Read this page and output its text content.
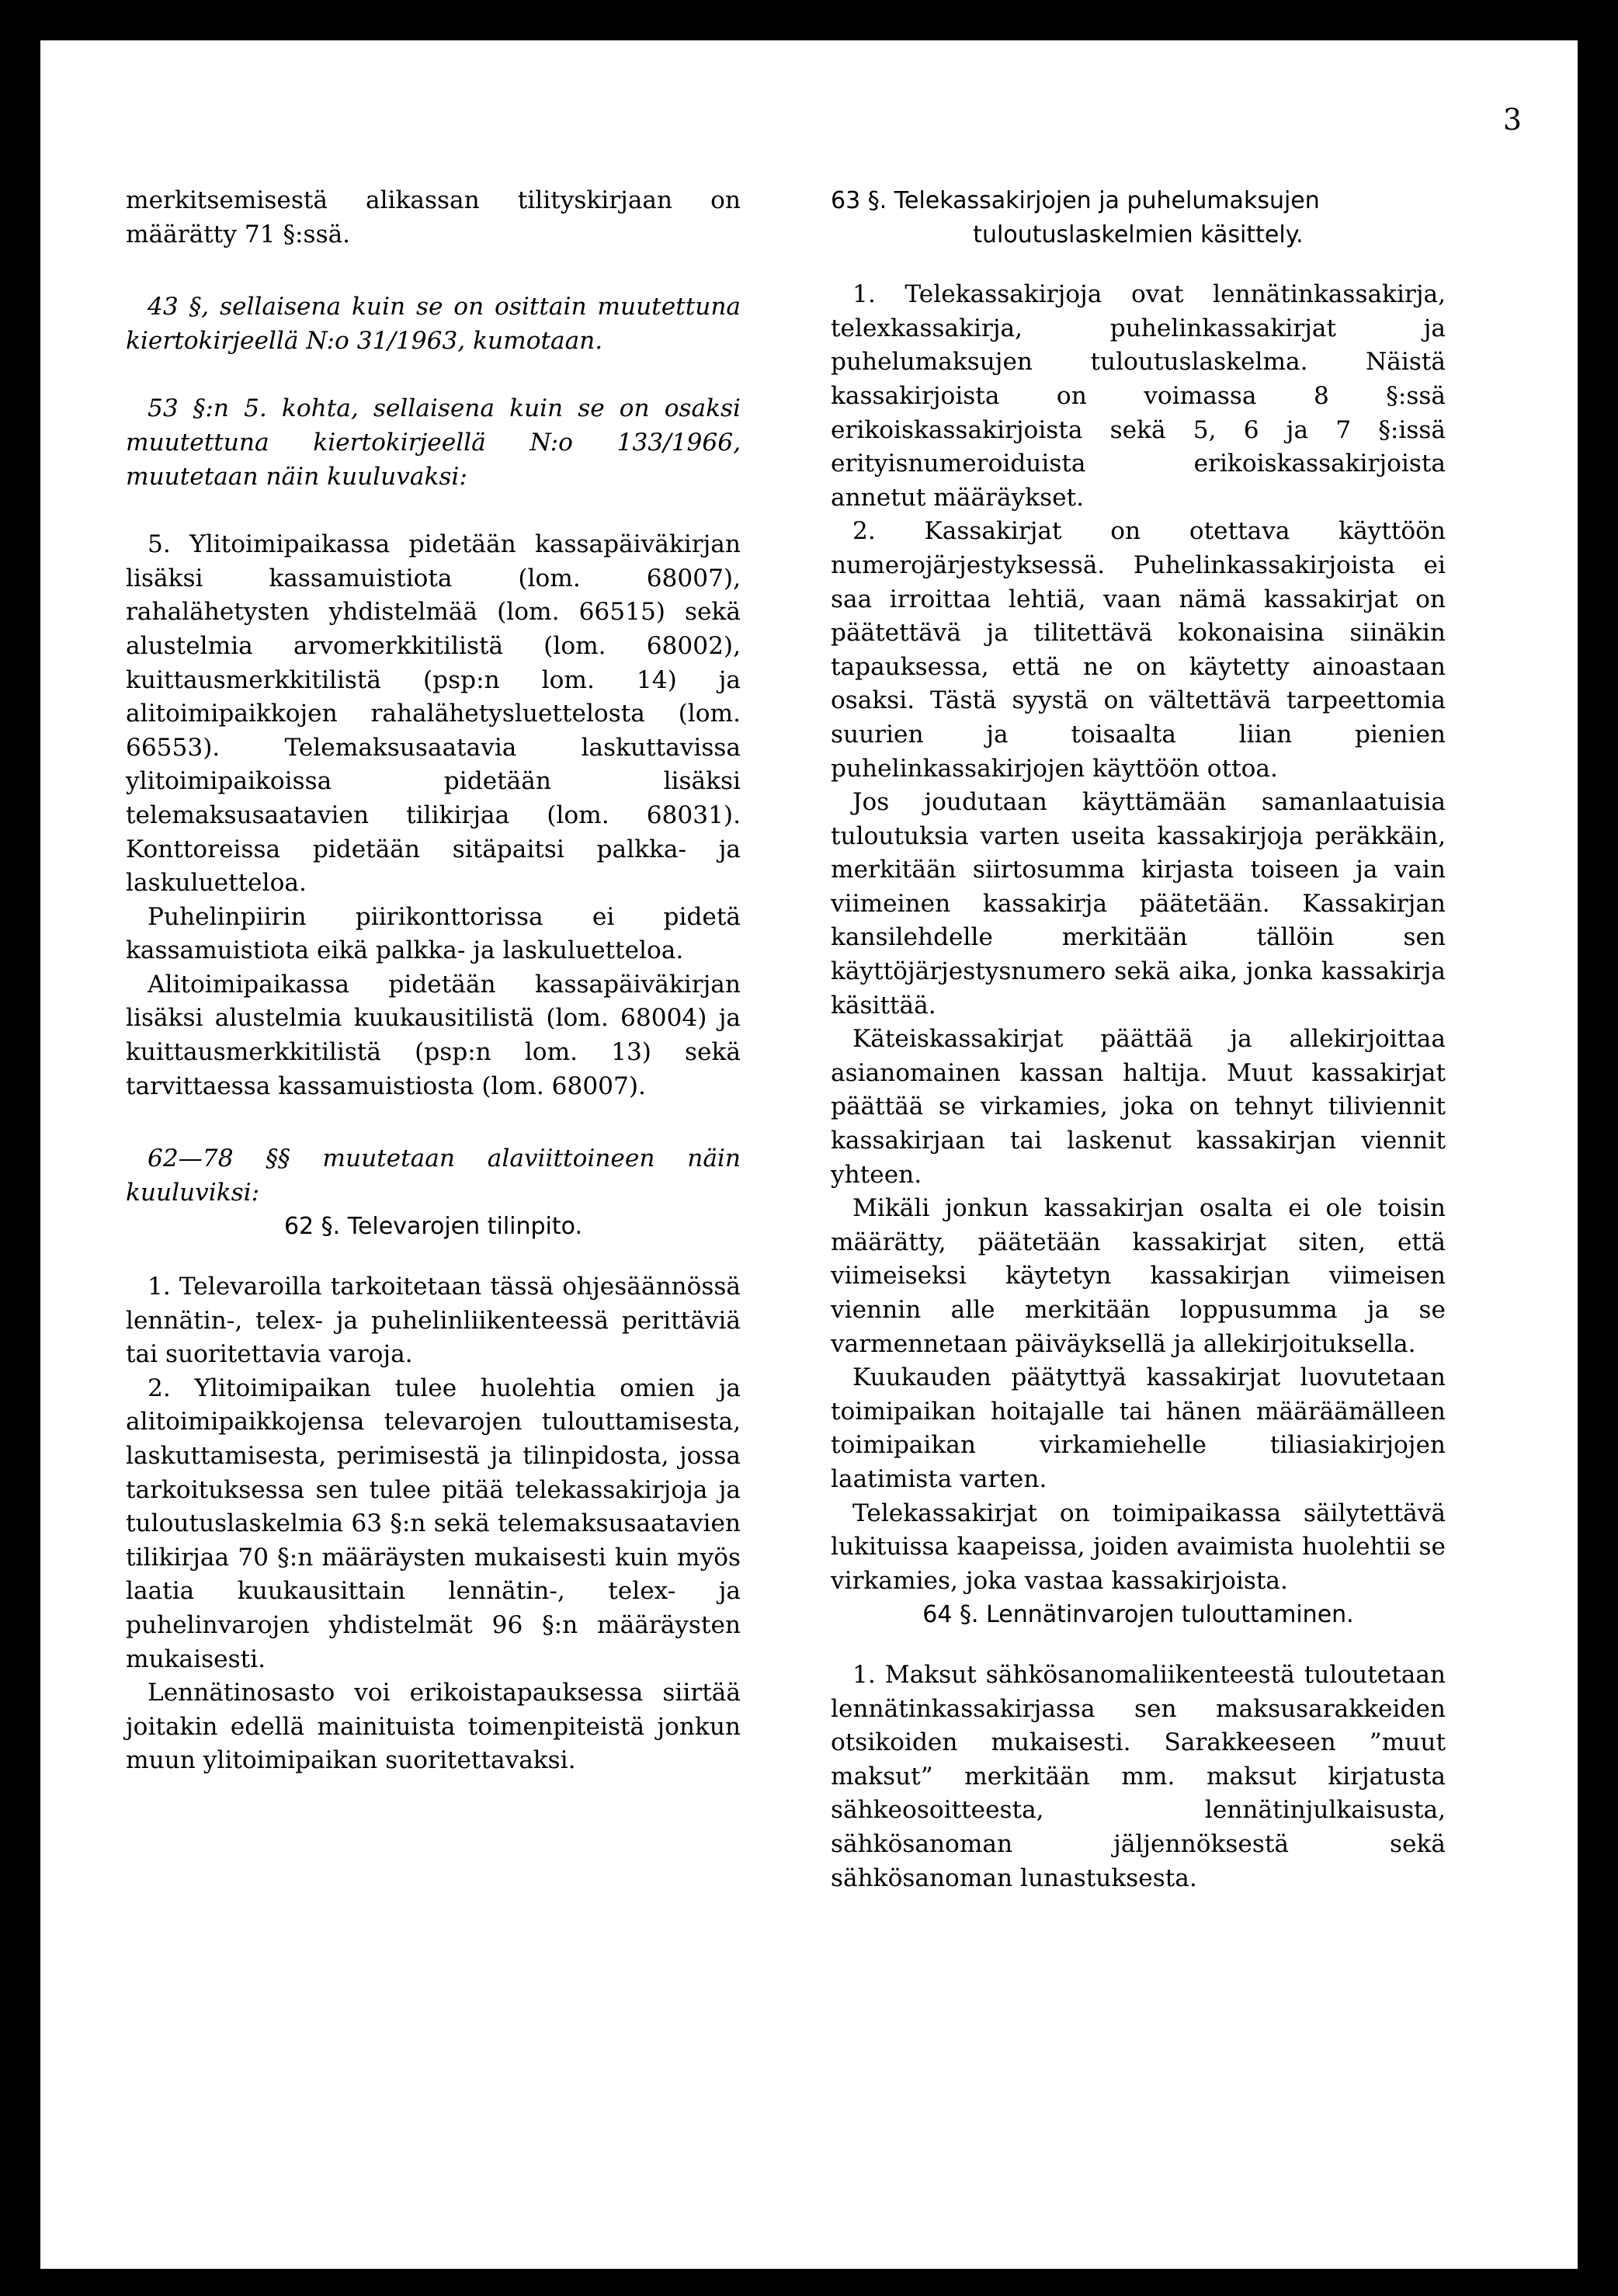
3

merkitsemisestä alikassan tilityskirjaan on määrätty 71 §:ssä.

43 §, sellaisena kuin se on osittain muutettuna kiertokirjeellä N:o 31/1963, kumotaan.

53 §:n 5. kohta, sellaisena kuin se on osaksi muutettuna kiertokirjeellä N:o 133/1966, muutetaan näin kuuluvaksi:

5. Ylitoimipaikassa pidetään kassapäiväkirjan lisäksi kassamuistiota (lom. 68007), rahalähetysten yhdistelmää (lom. 66515) sekä alustelmia arvomerkkitilistä (lom. 68002), kuittausmerkkitilistä (psp:n lom. 14) ja alitoimipaikkojen rahalähetysluettelosta (lom. 66553). Telemaksusaatavia laskuttavissa ylitoimipaikoissa pidetään lisäksi telemaksusaatavien tilikirjaa (lom. 68031). Konttoreissa pidetään sitäpaitsi palkka- ja laskuluetteloa.

Puhelinpiirin piirikonttorissa ei pidetä kassamuistiota eikä palkka- ja laskuluetteloa.

Alitoimipaikassa pidetään kassapäiväkirjan lisäksi alustelmia kuukausitilistä (lom. 68004) ja kuittausmerkkitilistä (psp:n lom. 13) sekä tarvittaessa kassamuistiosta (lom. 68007).

62—78 §§ muutetaan alaviittoineen näin kuuluviksi:

62 §. Televarojen tilinpito.

1. Televaroilla tarkoitetaan tässä ohjesäännössä lennätin-, telex- ja puhelinliikenteessä perittäviä tai suoritettavia varoja.

2. Ylitoimipaikan tulee huolehtia omien ja alitoimipaikkojensa televarojen tulouttamisesta, laskuttamisesta, perimisestä ja tilinpidosta, jossa tarkoituksessa sen tulee pitää telekassakirjoja ja tuloutuslaskelmia 63 §:n sekä telemaksusaatavien tilikirjaa 70 §:n määräysten mukaisesti kuin myös laatia kuukausittain lennätin-, telex- ja puhelinvarojen yhdistelmät 96 §:n määräysten mukaisesti.

Lennätinosasto voi erikoistapauksessa siirtää joitakin edellä mainituista toimenpiteistä jonkun muun ylitoimipaikan suoritettavaksi.

63 §. Telekassakirjojen ja puhelumaksujen

tuloutuslaskelmien käsittely.

1. Telekassakirjoja ovat lennätinkassakirja, telexkassakirja, puhelinkassakirjat ja puhelumaksujen tuloutuslaskelma. Näistä kassakirjoista on voimassa 8 §:ssä erikoiskassakirjoista sekä 5, 6 ja 7 §:issä erityisnumeroiduista erikoiskassakirjoista annetut määräykset.

2. Kassakirjat on otettava käyttöön numerojärjestyksessä. Puhelinkassakirjoista ei saa irroittaa lehtiä, vaan nämä kassakirjat on päätettävä ja tilitettävä kokonaisina siinäkin tapauksessa, että ne on käytetty ainoastaan osaksi. Tästä syystä on vältettävä tarpeettomia suurien ja toisaalta liian pienien puhelinkassakirjojen käyttöön ottoa.

Jos joudutaan käyttämään samanlaatuisia tuloutuksia varten useita kassakirjoja peräkkäin, merkitään siirtosumma kirjasta toiseen ja vain viimeinen kassakirja päätetään. Kassakirjan kansilehdelle merkitään tällöin sen käyttöjärjestysnumero sekä aika, jonka kassakirja käsittää.

Käteiskassakirjat päättää ja allekirjoittaa asianomainen kassan haltija. Muut kassakirjat päättää se virkamies, joka on tehnyt tiliviennit kassakirjaan tai laskenut kassakirjan viennit yhteen.

Mikäli jonkun kassakirjan osalta ei ole toisin määrätty, päätetään kassakirjat siten, että viimeiseksi käytetyn kassakirjan viimeisen viennin alle merkitään loppusumma ja se varmennetaan päiväyksellä ja allekirjoituksella.

Kuukauden päätyttyä kassakirjat luovutetaan toimipaikan hoitajalle tai hänen määräämälleen toimipaikan virkamiehelle tiliasiakirjojen laatimista varten.

Telekassakirjat on toimipaikassa säilytettävä lukituissa kaapeissa, joiden avaimista huolehtii se virkamies, joka vastaa kassakirjoista.

64 §. Lennätinvarojen tulouttaminen.

1. Maksut sähkösanomaliikenteestä tuloutetaan lennätinkassakirjassa sen maksusarakkeiden otsikoiden mukaisesti. Sarakkeeseen ”muut maksut” merkitään mm. maksut kirjatusta sähkeosoitteesta, lennätinjulkaisusta, sähkösanoman jäljennöksestä sekä sähkösanoman lunastuksesta.
